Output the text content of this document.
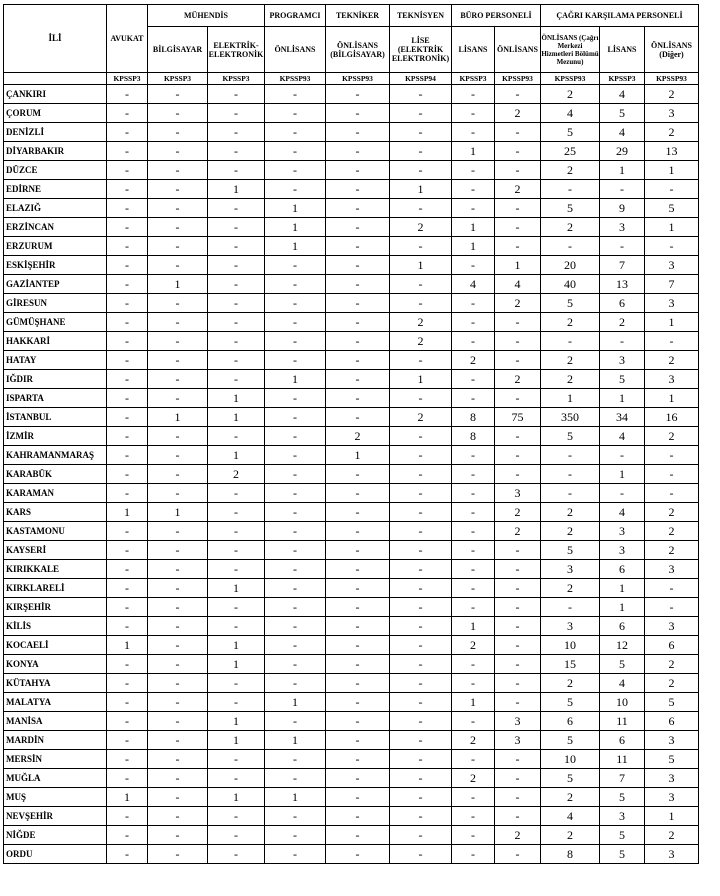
İLİ	AVUKAT	MÜHENDİS		PROGRAMCI	TEKNİKER	TEKNİSYEN	BÜRO PERSONELİ		ÇAĞRI KARŞILAMA PERSONELİ		
		BİLGİSAYAR	ELEKTRİK-ELEKTRONİK	ÖNLİSANS	ÖNLİSANS (BİLGİSAYAR)	LİSE (ELEKTRİK ELEKTRONİK)	LİSANS	ÖNLİSANS	ÖNLİSANS (Çağrı Merkezi Hizmetleri Bölümü Mezunu)	LİSANS	ÖNLİSANS (Diğer)
	KPSSP3	KPSSP3	KPSSP3	KPSSP93	KPSSP93	KPSSP94	KPSSP3	KPSSP93	KPSSP93	KPSSP3	KPSSP93
ÇANKIRI	-	-	-	-	-	-	-	-	2	4	2
ÇORUM	-	-	-	-	-	-	-	2	4	5	3
DENİZLİ	-	-	-	-	-	-	-	-	5	4	2
DİYARBAKIR	-	-	-	-	-	-	1	-	25	29	13
DÜZCE	-	-	-	-	-	-	-	-	2	1	1
EDİRNE	-	-	1	-	-	1	-	2	-	-	-
ELAZIĞ	-	-	-	1	-	-	-	-	5	9	5
ERZİNCAN	-	-	-	1	-	2	1	-	2	3	1
ERZURUM	-	-	-	1	-	-	1	-	-	-	-
ESKİŞEHİR	-	-	-	-	-	1	-	1	20	7	3
GAZİANTEP	-	1	-	-	-	-	4	4	40	13	7
GİRESUN	-	-	-	-	-	-	-	2	5	6	3
GÜMÜŞHANE	-	-	-	-	-	2	-	-	2	2	1
HAKKARİ	-	-	-	-	-	2	-	-	-	-	-
HATAY	-	-	-	-	-	-	2	-	2	3	2
IĞDIR	-	-	-	1	-	1	-	2	2	5	3
ISPARTA	-	-	1	-	-	-	-	-	1	1	1
İSTANBUL	-	1	1	-	-	2	8	75	350	34	16
İZMİR	-	-	-	-	2	-	8	-	5	4	2
KAHRAMANMARAŞ	-	-	1	-	1	-	-	-	-	-	-
KARABÜK	-	-	2	-	-	-	-	-	-	1	-
KARAMAN	-	-	-	-	-	-	-	3	-	-	-
KARS	1	1	-	-	-	-	-	2	2	4	2
KASTAMONU	-	-	-	-	-	-	-	2	2	3	2
KAYSERİ	-	-	-	-	-	-	-	-	5	3	2
KIRIKKALE	-	-	-	-	-	-	-	-	3	6	3
KIRKLARELİ	-	-	1	-	-	-	-	-	2	1	-
KIRŞEHİR	-	-	-	-	-	-	-	-	-	1	-
KİLİS	-	-	-	-	-	-	1	-	3	6	3
KOCAELİ	1	-	1	-	-	-	2	-	10	12	6
KONYA	-	-	1	-	-	-	-	-	15	5	2
KÜTAHYA	-	-	-	-	-	-	-	-	2	4	2
MALATYA	-	-	-	1	-	-	1	-	5	10	5
MANİSA	-	-	1	-	-	-	-	3	6	11	6
MARDİN	-	-	1	1	-	-	2	3	5	6	3
MERSİN	-	-	-	-	-	-	-	-	10	11	5
MUĞLA	-	-	-	-	-	-	2	-	5	7	3
MUŞ	1	-	1	1	-	-	-	-	2	5	3
NEVŞEHİR	-	-	-	-	-	-	-	-	4	3	1
NİĞDE	-	-	-	-	-	-	-	2	2	5	2
ORDU	-	-	-	-	-	-	-	-	8	5	3
